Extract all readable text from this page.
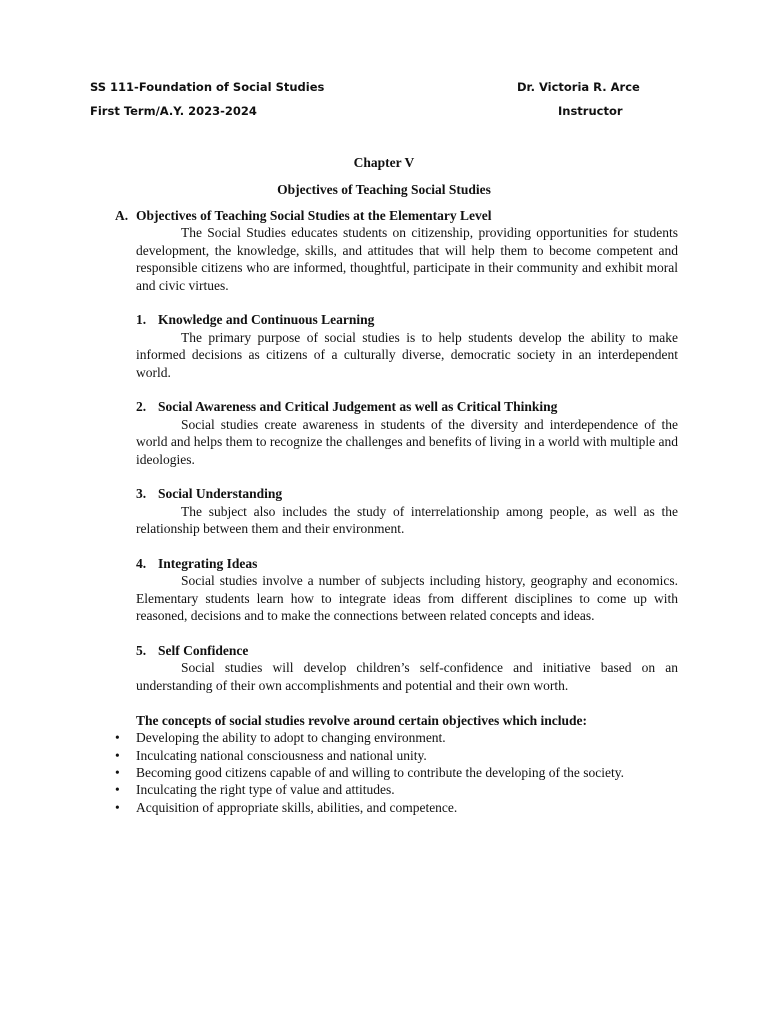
SS 111-Foundation of Social Studies
First Term/A.Y. 2023-2024
Dr. Victoria R. Arce
Instructor
Chapter V
Objectives of Teaching Social Studies
A. Objectives of Teaching Social Studies at the Elementary Level

The Social Studies educates students on citizenship, providing opportunities for students development, the knowledge, skills, and attitudes that will help them to become competent and responsible citizens who are informed, thoughtful, participate in their community and exhibit moral and civic virtues.

1. Knowledge and Continuous Learning

The primary purpose of social studies is to help students develop the ability to make informed decisions as citizens of a culturally diverse, democratic society in an interdependent world.

2. Social Awareness and Critical Judgement as well as Critical Thinking

Social studies create awareness in students of the diversity and interdependence of the world and helps them to recognize the challenges and benefits of living in a world with multiple and ideologies.

3. Social Understanding

The subject also includes the study of interrelationship among people, as well as the relationship between them and their environment.

4. Integrating Ideas

Social studies involve a number of subjects including history, geography and economics. Elementary students learn how to integrate ideas from different disciplines to come up with reasoned, decisions and to make the connections between related concepts and ideas.

5. Self Confidence

Social studies will develop children’s self-confidence and initiative based on an understanding of their own accomplishments and potential and their own worth.

The concepts of social studies revolve around certain objectives which include:
•	Developing the ability to adopt to changing environment.
•	Inculcating national consciousness and national unity.
•	Becoming good citizens capable of and willing to contribute the developing of the society.
•	Inculcating the right type of value and attitudes.
•	Acquisition of appropriate skills, abilities, and competence.
